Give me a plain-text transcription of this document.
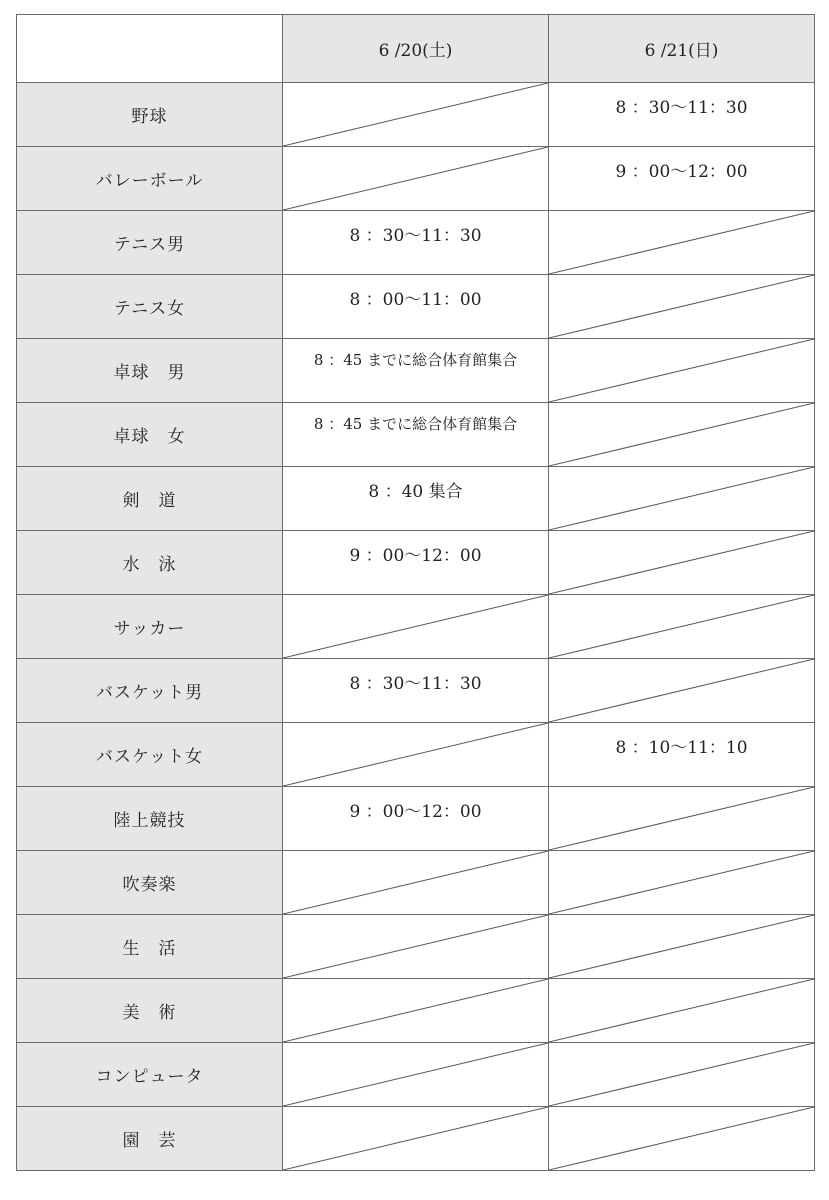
	6 /20(土)	6 /21(日)
野球		8 ：30～11：30

バレーボール		9 ：00～12：00

テニス男	8 ：30～11：30

テニス女	8 ：00～11：00

卓球　男	8 ：45 までに総合体育館集合

卓球　女	8 ：45 までに総合体育館集合

剣　道	8 ：40 集合

水　泳	9 ：00～12：00

サッカー	

バスケット男	8 ：30～11：30

バスケット女		8 ：10～11：10

陸上競技	9 ：00～12：00

吹奏楽	

生　活	

美　術	

コンピュータ	

園　芸	
